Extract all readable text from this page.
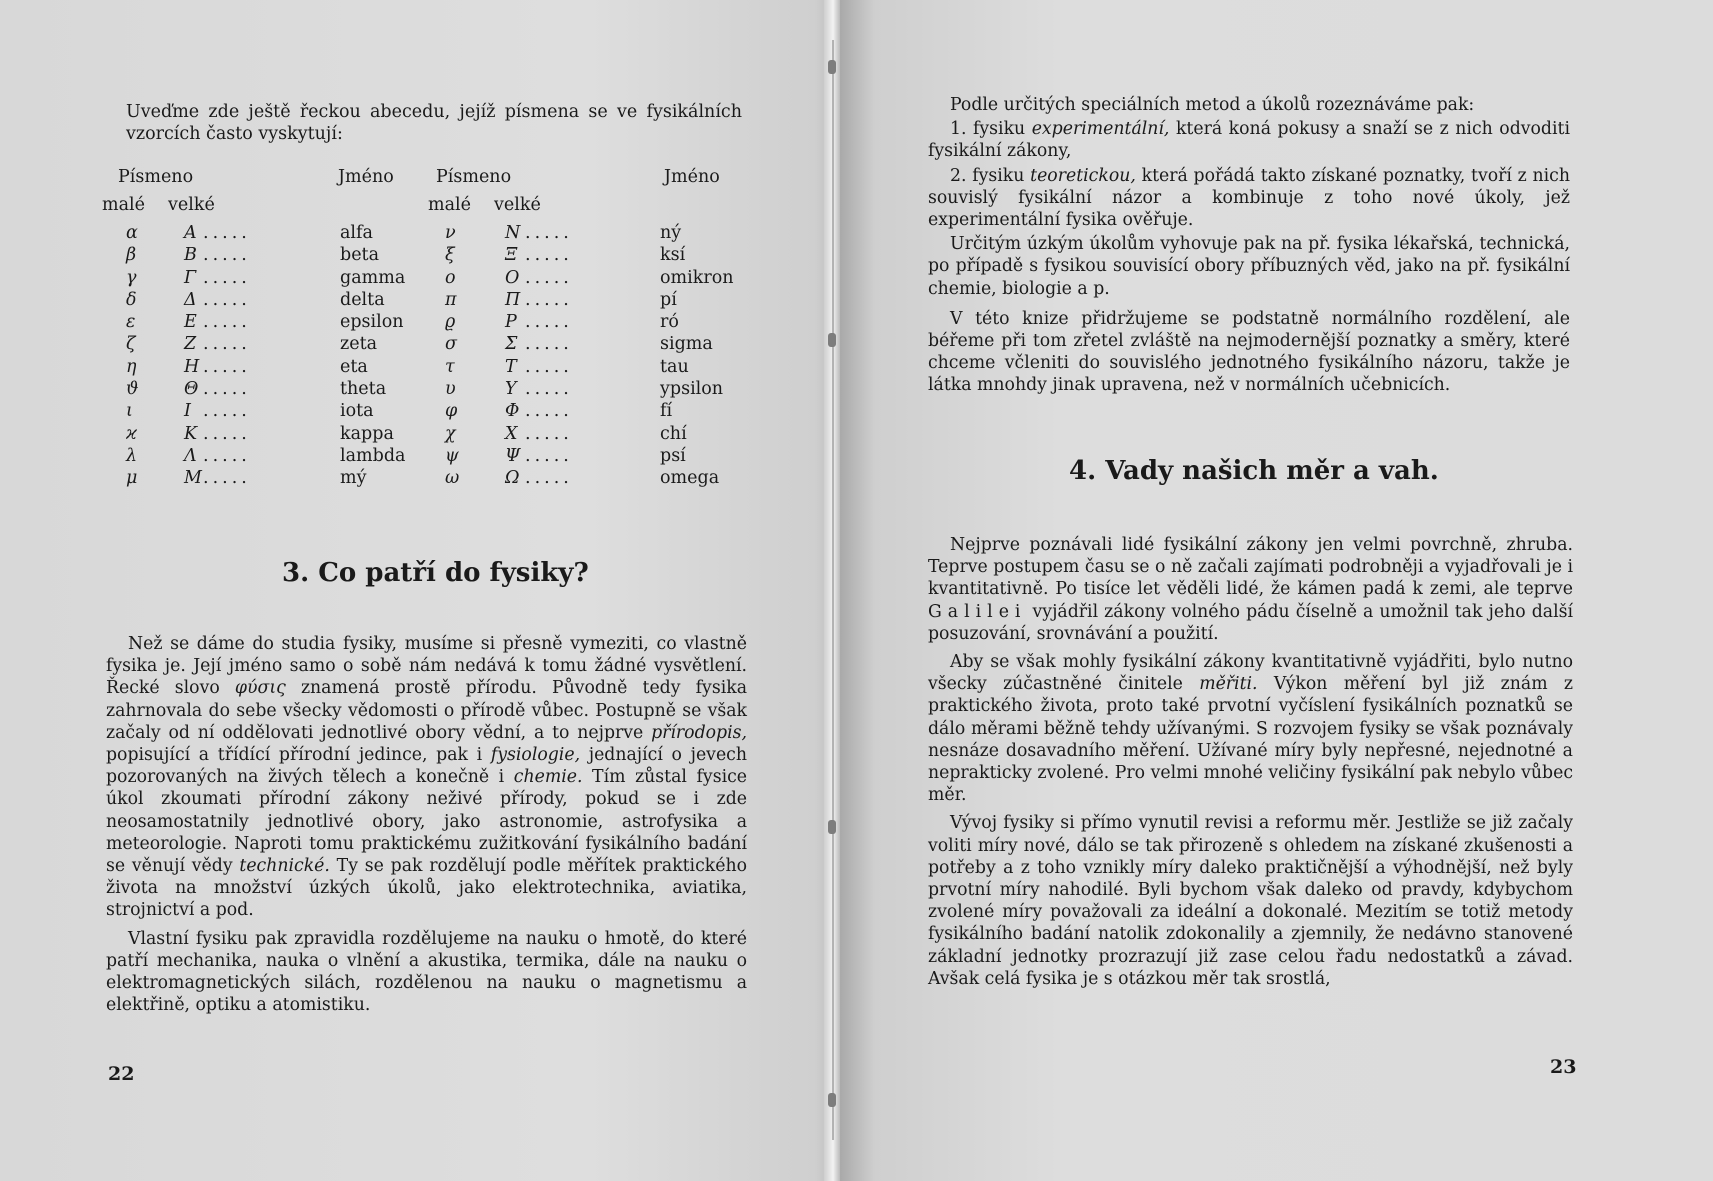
Uveďme zde ještě řeckou abecedu, jejíž písmena se ve fysikálních vzorcích často vyskytují:
Písmeno	Jméno Písmeno	Jméno
malé velké	malé velké
α	Α .....	alfa	ν	Ν .....	ný
β	Β .....	beta	ξ	Ξ .....	ksí
γ	Γ .....	gamma ο	Ο .....	omikron
δ	Δ .....	delta	π	Π .....	pí
ε	Ε .....	epsilon ϱ	Ρ .....	ró
ζ	Ζ .....	zeta	σ	Σ .....	sigma
η	Η .....	eta	τ	Τ .....	tau
ϑ	Θ .....	theta	υ	Υ .....	ypsilon
ι	Ι .....	iota	φ	Φ .....	fí
ϰ	Κ .....	kappa	χ	Χ .....	chí
λ	Λ .....	lambda ψ	Ψ .....	psí
μ	Μ .....	mý	ω	Ω .....	omega
3. Co patří do fysiky?

Než se dáme do studia fysiky, musíme si přesně vymeziti, co vlastně fysika je. Její jméno samo o sobě nám nedává k tomu žádné vysvětlení. Řecké slovo φύσις znamená prostě přírodu. Původně tedy fysika zahrnovala do sebe všecky vědomosti o přírodě vůbec. Postupně se však začaly od ní oddělovati jednotlivé obory vědní, a to nejprve přírodopis, popisující a třídící přírodní jedince, pak i fysiologie, jednající o jevech pozorovaných na živých tělech a konečně i chemie. Tím zůstal fysice úkol zkoumati přírodní zákony neživé přírody, pokud se i zde neosamostatnily jednotlivé obory, jako astronomie, astrofysika a meteorologie. Naproti tomu praktickému zužitkování fysikálního badání se věnují vědy technické. Ty se pak rozdělují podle měřítek praktického života na množství úzkých úkolů, jako elektrotechnika, aviatika, strojnictví a pod.

Vlastní fysiku pak zpravidla rozdělujeme na nauku o hmotě, do které patří mechanika, nauka o vlnění a akustika, termika, dále na nauku o elektromagnetických silách, rozdělenou na nauku o magnetismu a elektřině, optiku a atomistiku.

22

Podle určitých speciálních metod a úkolů rozeznáváme pak:

1. fysiku experimentální, která koná pokusy a snaží se z nich odvoditi fysikální zákony,

2. fysiku teoretickou, která pořádá takto získané poznatky, tvoří z nich souvislý fysikální názor a kombinuje z toho nové úkoly, jež experimentální fysika ověřuje.

Určitým úzkým úkolům vyhovuje pak na př. fysika lékařská, technická, po případě s fysikou souvisící obory příbuzných věd, jako na př. fysikální chemie, biologie a p.

V této knize přidržujeme se podstatně normálního rozdělení, ale béřeme při tom zřetel zvláště na nejmodernější poznatky a směry, které chceme včleniti do souvislého jednotného fysikálního názoru, takže je látka mnohdy jinak upravena, než v normálních učebnicích.

4. Vady našich měr a vah.

Nejprve poznávali lidé fysikální zákony jen velmi povrchně, zhruba. Teprve postupem času se o ně začali zajímati podrobněji a vyjadřovali je i kvantitativně. Po tisíce let věděli lidé, že kámen padá k zemi, ale teprve Galilei vyjádřil zákony volného pádu číselně a umožnil tak jeho další posuzování, srovnávání a použití.

Aby se však mohly fysikální zákony kvantitativně vyjádřiti, bylo nutno všecky zúčastněné činitele měřiti. Výkon měření byl již znám z praktického života, proto také prvotní vyčíslení fysikálních poznatků se dálo měrami běžně tehdy užívanými. S rozvojem fysiky se však poznávaly nesnáze dosavadního měření. Užívané míry byly nepřesné, nejednotné a neprakticky zvolené. Pro velmi mnohé veličiny fysikální pak nebylo vůbec měr.

Vývoj fysiky si přímo vynutil revisi a reformu měr. Jestliže se již začaly voliti míry nové, dálo se tak přirozeně s ohledem na získané zkušenosti a potřeby a z toho vznikly míry daleko praktičnější a výhodnější, než byly prvotní míry nahodilé. Byli bychom však daleko od pravdy, kdybychom zvolené míry považovali za ideální a dokonalé. Mezitím se totiž metody fysikálního badání natolik zdokonalily a zjemnily, že nedávno stanovené základní jednotky prozrazují již zase celou řadu nedostatků a závad. Avšak celá fysika je s otázkou měr tak srostlá,

23
